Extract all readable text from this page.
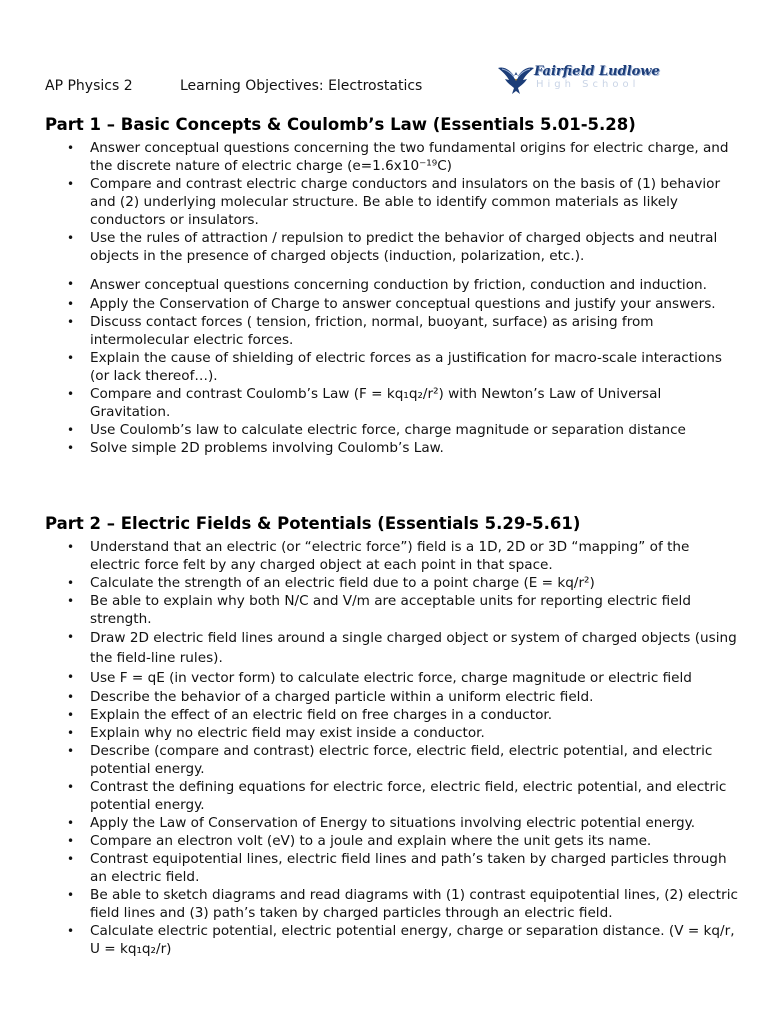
AP Physics 2	Learning Objectives: Electrostatics
Fairfield Ludlowe
High School
Part 1 – Basic Concepts & Coulomb’s Law (Essentials 5.01-5.28)
• Answer conceptual questions concerning the two fundamental origins for electric charge, and the discrete nature of electric charge (e=1.6x10⁻¹⁹C)
• Compare and contrast electric charge conductors and insulators on the basis of (1) behavior and (2) underlying molecular structure. Be able to identify common materials as likely conductors or insulators.
• Use the rules of attraction / repulsion to predict the behavior of charged objects and neutral objects in the presence of charged objects (induction, polarization, etc.).
• Answer conceptual questions concerning conduction by friction, conduction and induction.
• Apply the Conservation of Charge to answer conceptual questions and justify your answers.
• Discuss contact forces ( tension, friction, normal, buoyant, surface) as arising from intermolecular electric forces.
• Explain the cause of shielding of electric forces as a justification for macro-scale interactions (or lack thereof…).
• Compare and contrast Coulomb’s Law (F = kq₁q₂/r²) with Newton’s Law of Universal Gravitation.
• Use Coulomb’s law to calculate electric force, charge magnitude or separation distance
• Solve simple 2D problems involving Coulomb’s Law.
Part 2 – Electric Fields & Potentials (Essentials 5.29-5.61)
• Understand that an electric (or “electric force”) field is a 1D, 2D or 3D “mapping” of the electric force felt by any charged object at each point in that space.
• Calculate the strength of an electric field due to a point charge (E = kq/r²)
• Be able to explain why both N/C and V/m are acceptable units for reporting electric field strength.
• Draw 2D electric field lines around a single charged object or system of charged objects (using the field-line rules).
• Use F = qE (in vector form) to calculate electric force, charge magnitude or electric field
• Describe the behavior of a charged particle within a uniform electric field.
• Explain the effect of an electric field on free charges in a conductor.
• Explain why no electric field may exist inside a conductor.
• Describe (compare and contrast) electric force, electric field, electric potential, and electric potential energy.
• Contrast the defining equations for electric force, electric field, electric potential, and electric potential energy.
• Apply the Law of Conservation of Energy to situations involving electric potential energy.
• Compare an electron volt (eV) to a joule and explain where the unit gets its name.
• Contrast equipotential lines, electric field lines and path’s taken by charged particles through an electric field.
• Be able to sketch diagrams and read diagrams with (1) contrast equipotential lines, (2) electric field lines and (3) path’s taken by charged particles through an electric field.
• Calculate electric potential, electric potential energy, charge or separation distance. (V = kq/r, U = kq₁q₂/r)
